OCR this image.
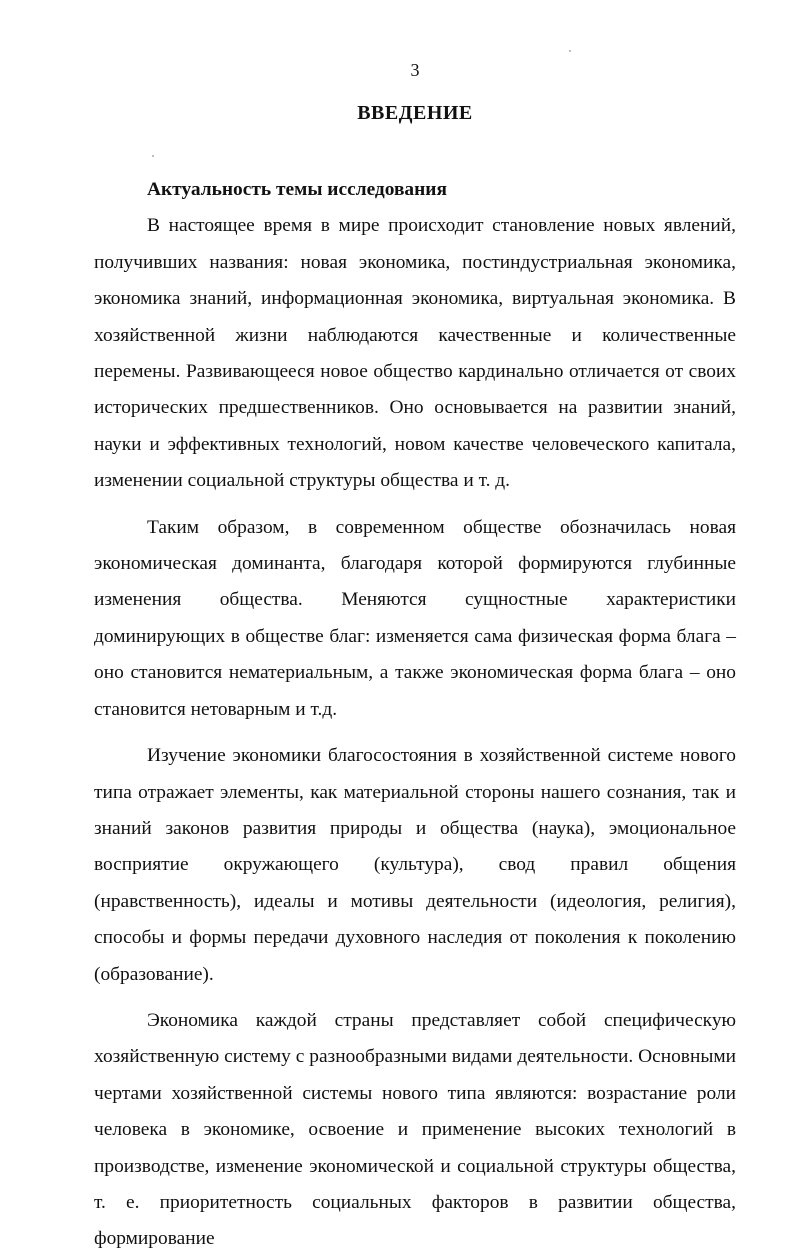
3
ВВЕДЕНИЕ

Актуальность темы исследования

В настоящее время в мире происходит становление новых явлений, получивших названия: новая экономика, постиндустриальная экономика, экономика знаний, информационная экономика, виртуальная экономика. В хозяйственной жизни наблюдаются качественные и количественные перемены. Развивающееся новое общество кардинально отличается от своих исторических предшественников. Оно основывается на развитии знаний, науки и эффективных технологий, новом качестве человеческого капитала, изменении социальной структуры общества и т. д.

Таким образом, в современном обществе обозначилась новая экономическая доминанта, благодаря которой формируются глубинные изменения общества. Меняются сущностные характеристики доминирующих в обществе благ: изменяется сама физическая форма блага – оно становится нематериальным, а также экономическая форма блага – оно становится нетоварным и т.д.

Изучение экономики благосостояния в хозяйственной системе нового типа отражает элементы, как материальной стороны нашего сознания, так и знаний законов развития природы и общества (наука), эмоциональное восприятие окружающего (культура), свод правил общения (нравственность), идеалы и мотивы деятельности (идеология, религия), способы и формы передачи духовного наследия от поколения к поколению (образование).

Экономика каждой страны представляет собой специфическую хозяйственную систему с разнообразными видами деятельности. Основными чертами хозяйственной системы нового типа являются: возрастание роли человека в экономике, освоение и применение высоких технологий в производстве, изменение экономической и социальной структуры общества, т. е. приоритетность социальных факторов в развитии общества, формирование
